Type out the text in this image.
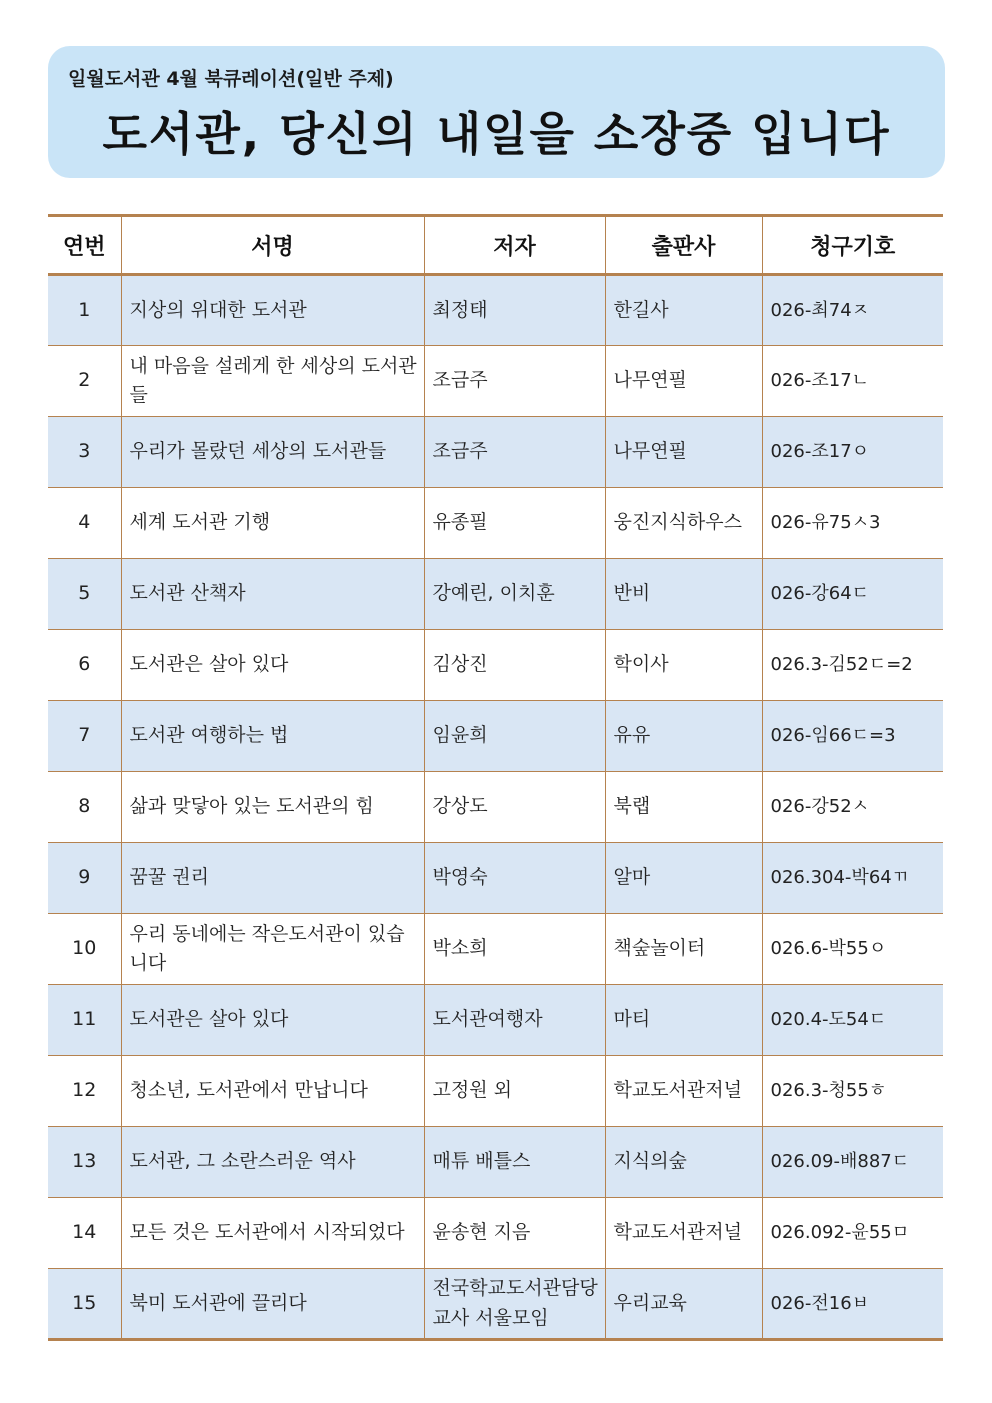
일월도서관 4월 북큐레이션(일반 주제)
도서관, 당신의 내일을 소장중 입니다
연번	서명	저자	출판사	청구기호
1	지상의 위대한 도서관	최정태	한길사	026-최74ㅈ
2	내 마음을 설레게 한 세상의 도서관들	조금주	나무연필	026-조17ㄴ
3	우리가 몰랐던 세상의 도서관들	조금주	나무연필	026-조17ㅇ
4	세계 도서관 기행	유종필	웅진지식하우스	026-유75ㅅ3
5	도서관 산책자	강예린, 이치훈	반비	026-강64ㄷ
6	도서관은 살아 있다	김상진	학이사	026.3-김52ㄷ=2
7	도서관 여행하는 법	임윤희	유유	026-임66ㄷ=3
8	삶과 맞닿아 있는 도서관의 힘	강상도	북랩	026-강52ㅅ
9	꿈꿀 권리	박영숙	알마	026.304-박64ㄲ
10	우리 동네에는 작은도서관이 있습니다	박소희	책숲놀이터	026.6-박55ㅇ
11	도서관은 살아 있다	도서관여행자	마티	020.4-도54ㄷ
12	청소년, 도서관에서 만납니다	고정원 외	학교도서관저널	026.3-청55ㅎ
13	도서관, 그 소란스러운 역사	매튜 배틀스	지식의숲	026.09-배887ㄷ
14	모든 것은 도서관에서 시작되었다	윤송현 지음	학교도서관저널	026.092-윤55ㅁ
15	북미 도서관에 끌리다	전국학교도서관담당교사 서울모임	우리교육	026-전16ㅂ
